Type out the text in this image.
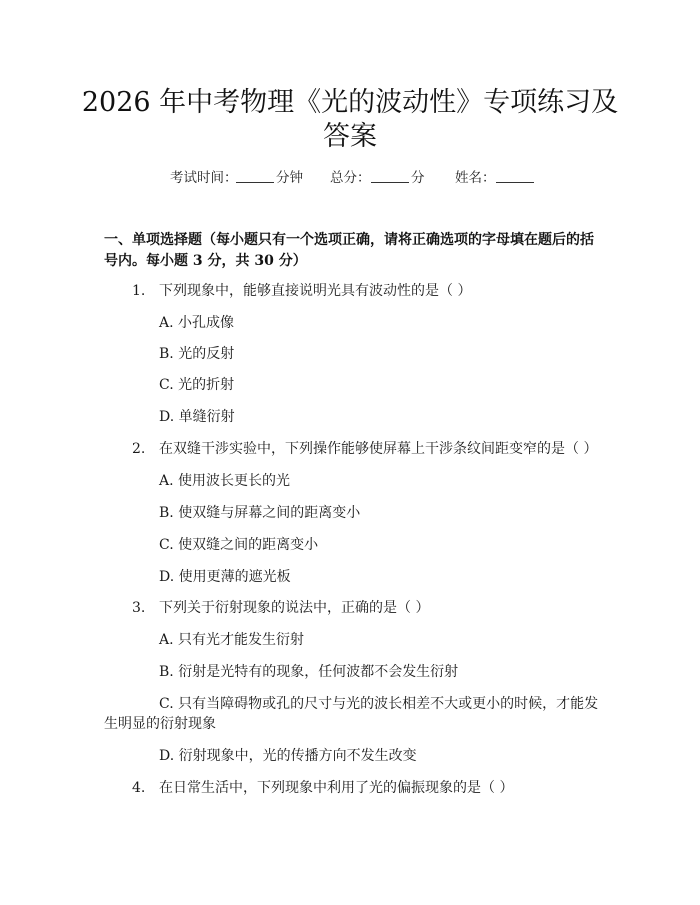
2026 年中考物理《光的波动性》专项练习及
答案
考试时间：	分钟 总分：	分 姓名：
一、单项选择题（每小题只有一个选项正确，请将正确选项的字母填在题后的括
号内。每小题 3 分，共 30 分）
1. 下列现象中，能够直接说明光具有波动性的是（ ）
A. 小孔成像
B. 光的反射
C. 光的折射
D. 单缝衍射
2. 在双缝干涉实验中，下列操作能够使屏幕上干涉条纹间距变窄的是（ ）
A. 使用波长更长的光
B. 使双缝与屏幕之间的距离变小
C. 使双缝之间的距离变小
D. 使用更薄的遮光板
3. 下列关于衍射现象的说法中，正确的是（ ）
A. 只有光才能发生衍射
B. 衍射是光特有的现象，任何波都不会发生衍射
C. 只有当障碍物或孔的尺寸与光的波长相差不大或更小的时候，才能发
生明显的衍射现象
D. 衍射现象中，光的传播方向不发生改变
4. 在日常生活中，下列现象中利用了光的偏振现象的是（ ）
